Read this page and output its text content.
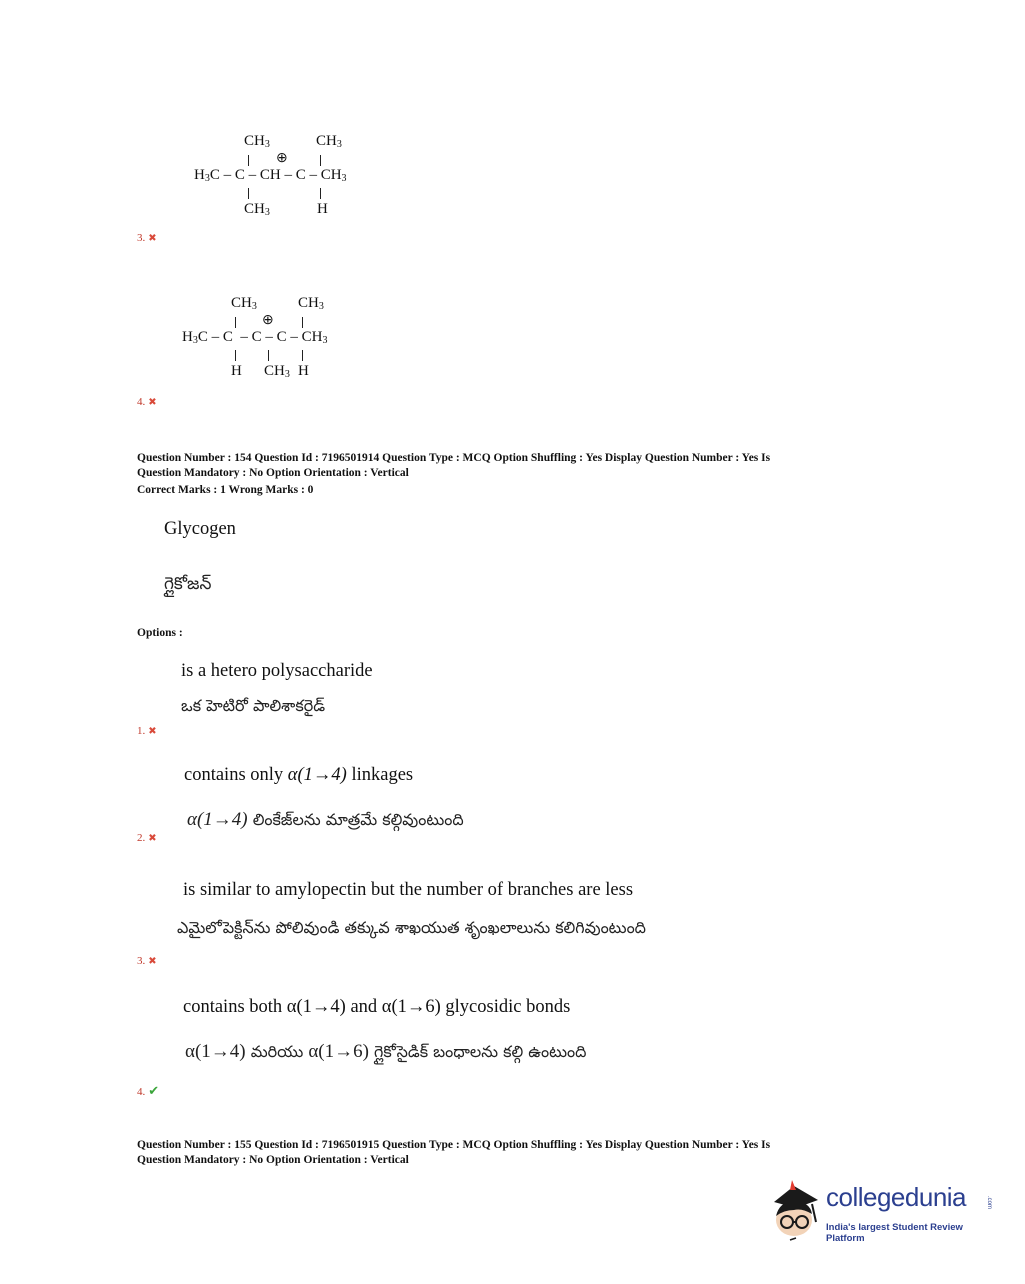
$CH_3$	$CH_3$
⊕
$H_3C$ – C – CH – C – $CH_3$
$CH_3$	H
3. ✖
$CH_3$	$CH_3$
⊕
$H_3C$ – C  – C – C – $CH_3$
H $CH_3$ H
4. ✖
Question Number : 154 Question Id : 7196501914 Question Type : MCQ Option Shuffling : Yes Display Question Number : Yes Is
Question Mandatory : No Option Orientation : Vertical
Correct Marks : 1 Wrong Marks : 0
Glycogen
గ్లైకోజన్
Options :
is a hetero polysaccharide
ఒక హెటిరో పాలిశాకరైడ్
1. ✖
contains only α(1→4) linkages
α(1→4) లింకేజ్‌లను మాత్రమే కల్గివుంటుంది
2. ✖
is similar to amylopectin but the number of branches are less
ఎమైలోపెక్టిన్‌ను పోలివుండి తక్కువ శాఖయుత శృంఖలాలును కలిగివుంటుంది
3. ✖
contains both α(1→4) and α(1→6) glycosidic bonds
α(1→4) మరియు α(1→6) గ్లైకోసైడిక్ బంధాలను కల్గి ఉంటుంది
4. ✔
Question Number : 155 Question Id : 7196501915 Question Type : MCQ Option Shuffling : Yes Display Question Number : Yes Is
Question Mandatory : No Option Orientation : Vertical
collegedunia	.com
India's largest Student Review Platform
